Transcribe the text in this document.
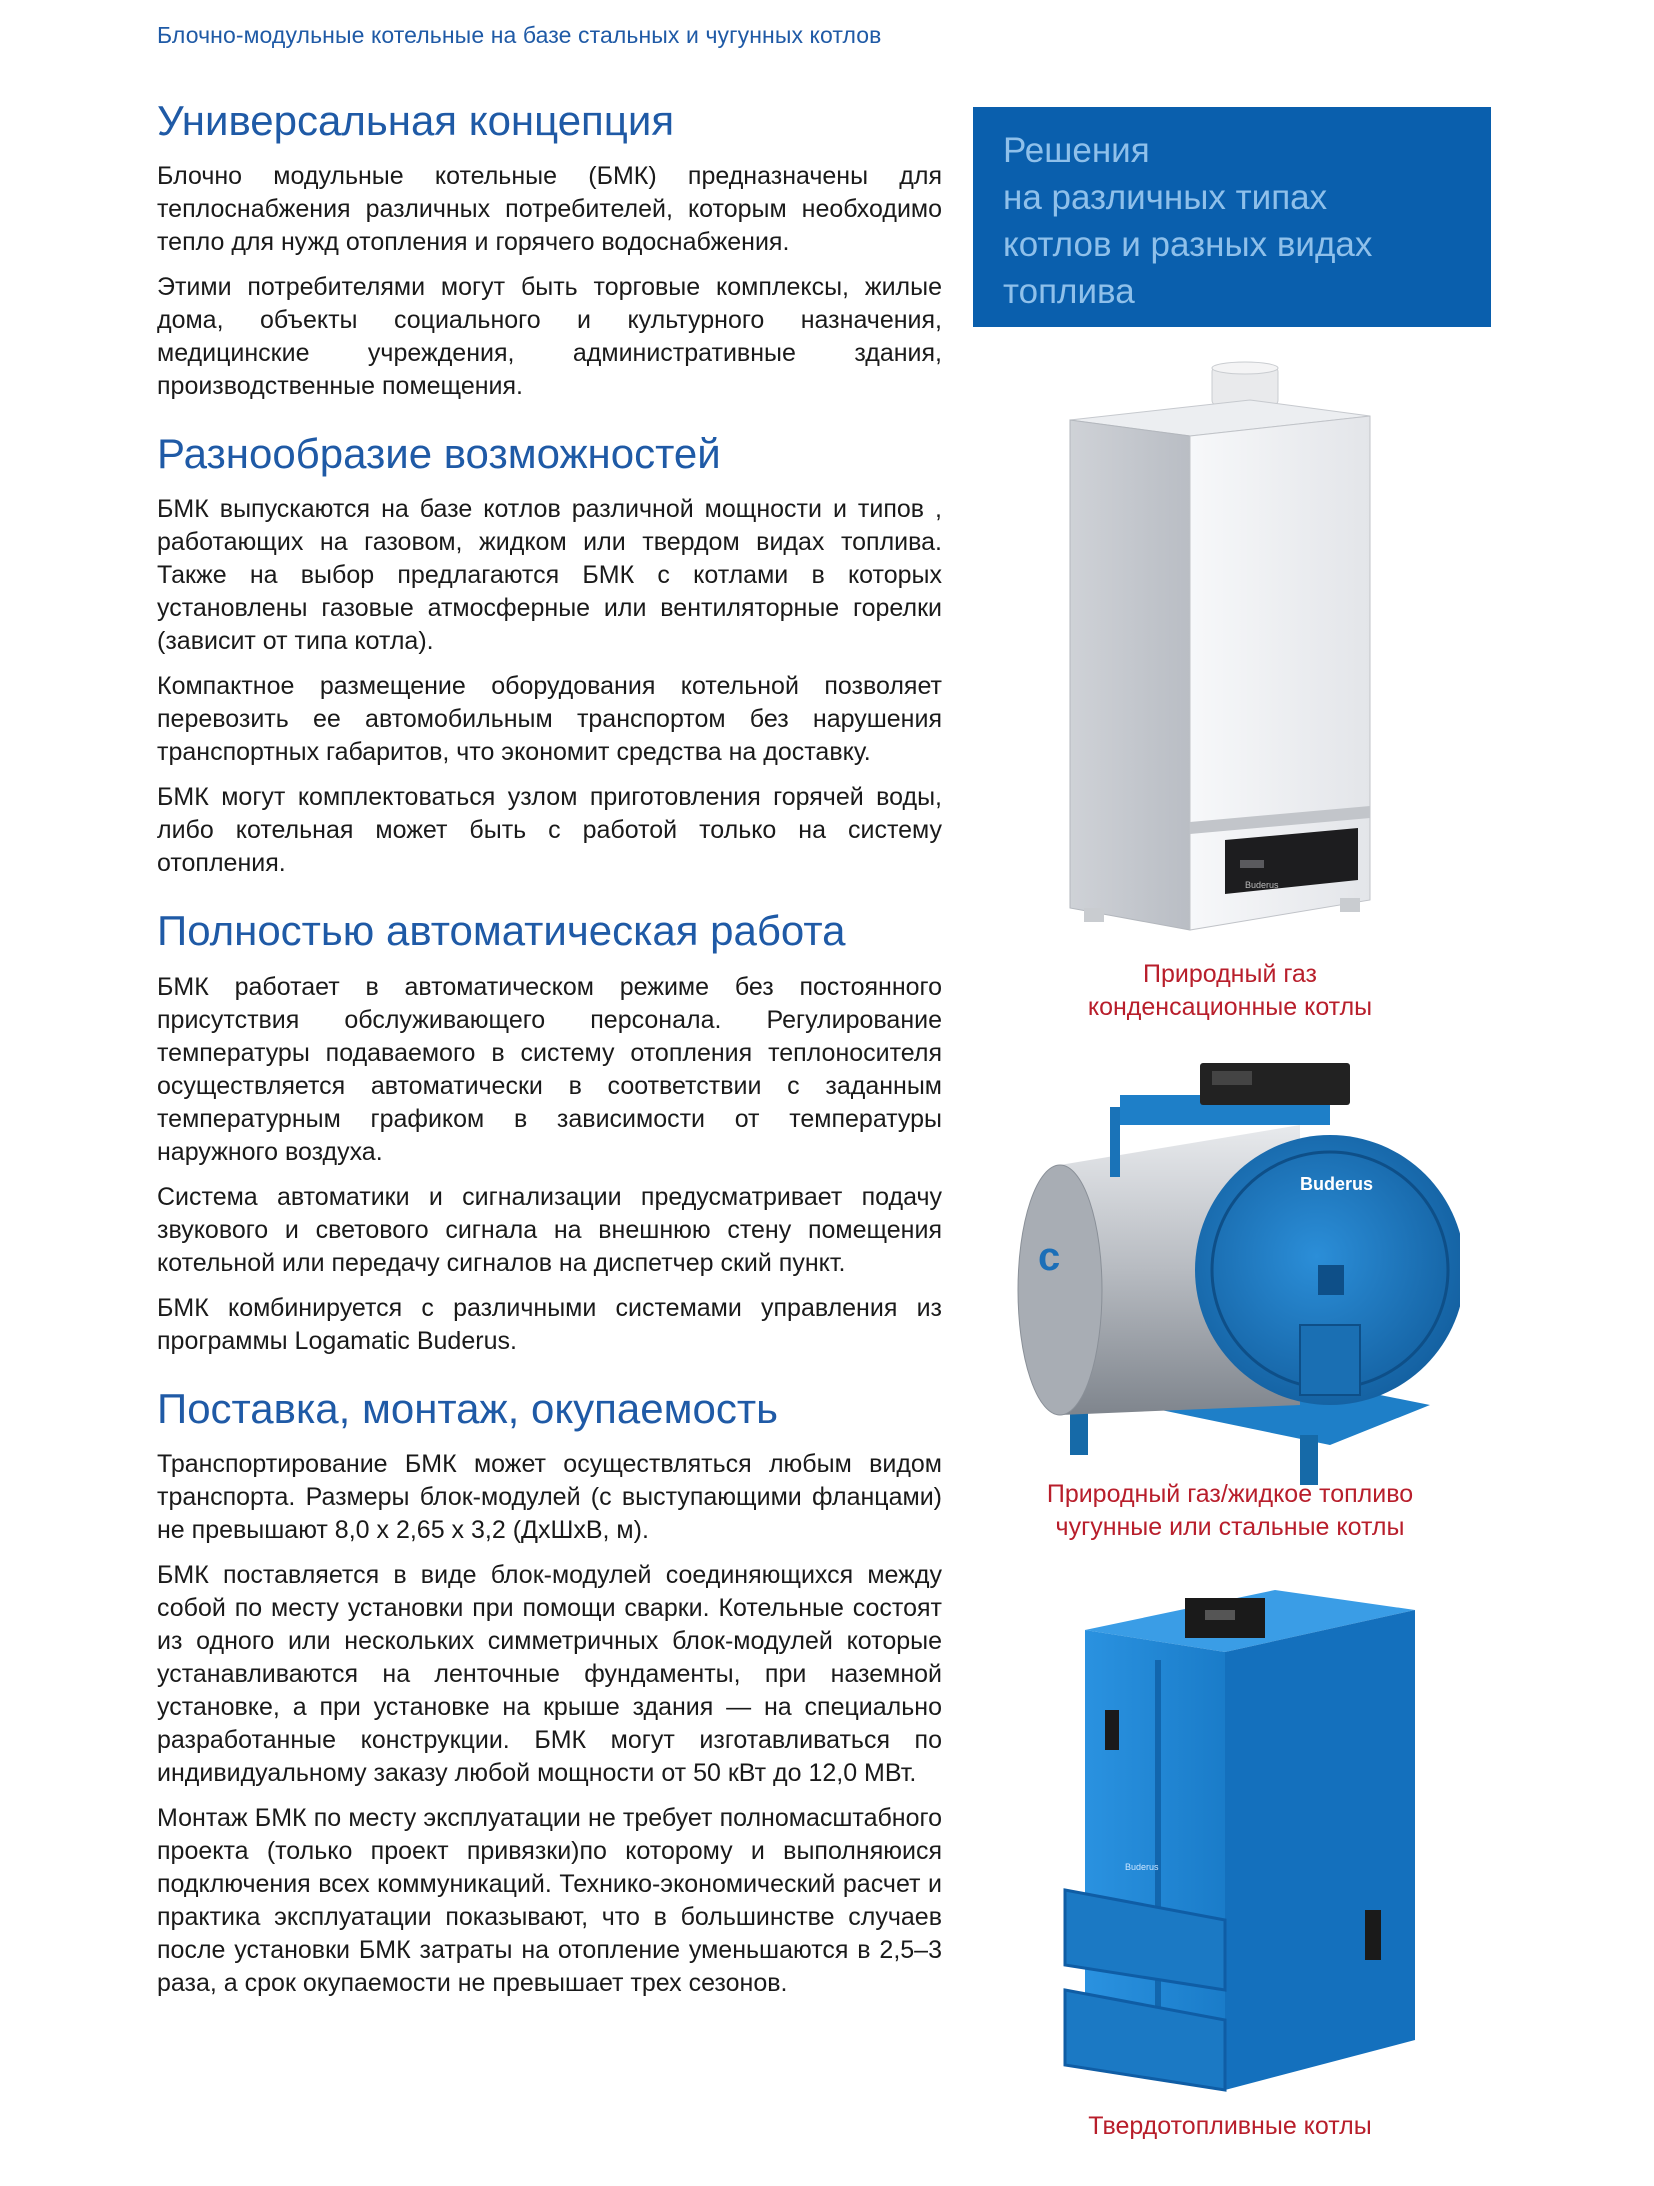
Блочно-модульные котельные на базе стальных и чугунных котлов
Универсальная концепция

Блочно модульные котельные (БМК) предназначены для теплоснабжения различных потребителей, которым необходимо тепло для нужд отопления и горячего водоснабжения.

Этими потребителями могут быть торговые комплексы, жилые дома, объекты социального и культурного назначения, медицинские учреждения, административные здания, производственные помещения.

Разнообразие возможностей

БМК выпускаются на базе котлов различной мощности и типов , работающих на газовом, жидком или твердом видах топлива. Также на выбор предлагаются БМК с котлами в которых установлены газовые атмосферные или вентиляторные горелки (зависит от типа котла).

Компактное размещение оборудования котельной позволяет перевозить ее автомобильным транспортом без нарушения транспортных габаритов, что экономит средства на доставку.

БМК могут комплектоваться узлом приготовления горячей воды, либо котельная может быть с работой только на систему отопления.

Полностью автоматическая работа

БМК работает в автоматическом режиме без постоянного присутствия обслуживающего персонала. Регулирование температуры подаваемого в систему отопления теплоносителя осуществляется автоматически в соответствии с заданным температурным графиком в зависимости от температуры наружного воздуха.

Система автоматики и сигнализации предусматривает подачу звукового и светового сигнала на внешнюю стену помещения котельной или передачу сигналов на диспетчер ский пункт.

БМК комбинируется с различными системами управления из программы Logamatic Buderus.

Поставка, монтаж, окупаемость

Транспортирование БМК может осуществляться любым видом транспорта. Размеры блок-модулей (с выступающими фланцами) не превышают 8,0 х 2,65 х 3,2 (ДхШхВ, м).

БМК поставляется в виде блок-модулей соединяющихся между собой по месту установки при помощи сварки. Котельные состоят из одного или нескольких симметричных блок-модулей которые устанавливаются на ленточные фундаменты, при наземной установке, а при установке на крыше здания — на специально разработанные конструкции. БМК могут изготавливаться по индивидуальному заказу любой мощности от 50 кВт до 12,0 МВт.

Монтаж БМК по месту эксплуатации не требует полномасштабного проекта (только проект привязки)по которому и выполняюися подключения всех коммуникаций. Технико-экономический расчет и практика эксплуатации показывают, что в большинстве случаев после установки БМК затраты на отопление уменьшаются в 2,5–3 раза, а срок окупаемости не превышает трех сезонов.

Решения
на различных типах
котлов и разных видах
топлива
Buderus
Природный газ
конденсационные котлы
c
Buderus
Природный газ/жидкое топливо
чугунные или стальные котлы
Buderus
Твердотопливные котлы
